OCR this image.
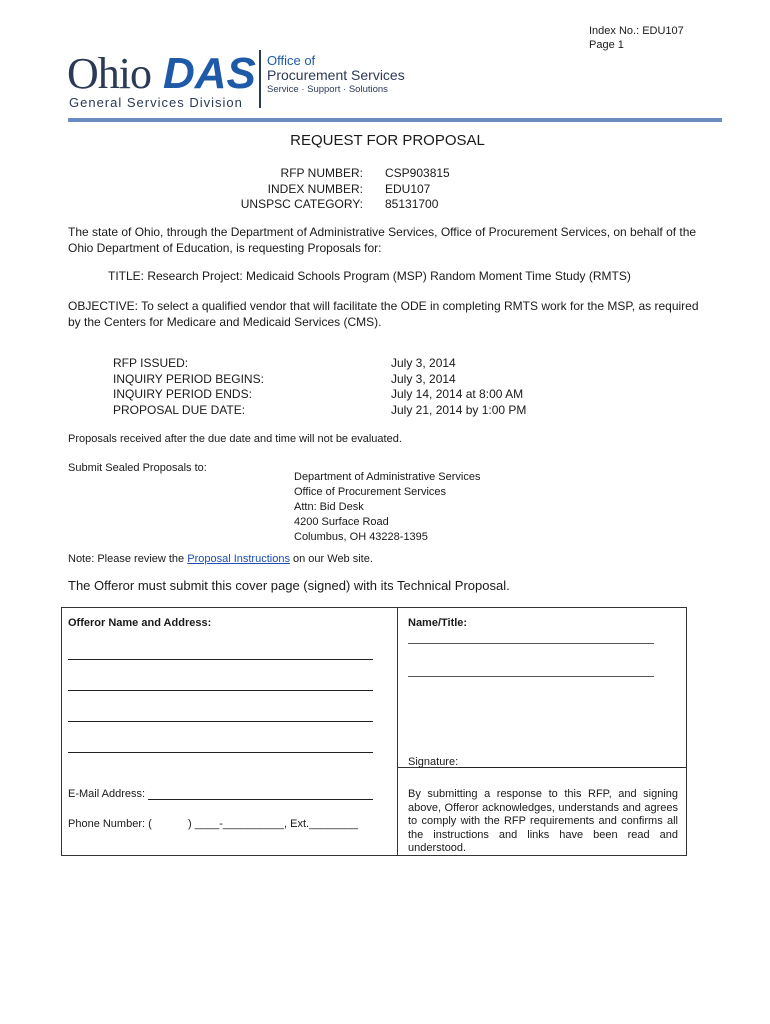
Index No.: EDU107
Page 1
Ohio DAS
General Services Division
Office of
Procurement Services
Service · Support · Solutions
REQUEST FOR PROPOSAL
RFP NUMBER:
INDEX NUMBER:
UNSPSC CATEGORY:
CSP903815
EDU107
85131700
The state of Ohio, through the Department of Administrative Services, Office of Procurement Services, on behalf of the Ohio Department of Education, is requesting Proposals for:
TITLE: Research Project: Medicaid Schools Program (MSP) Random Moment Time Study (RMTS)
OBJECTIVE: To select a qualified vendor that will facilitate the ODE in completing RMTS work for the MSP, as required by the Centers for Medicare and Medicaid Services (CMS).
RFP ISSUED:
INQUIRY PERIOD BEGINS:
INQUIRY PERIOD ENDS:
PROPOSAL DUE DATE:
July 3, 2014
July 3, 2014
July 14, 2014 at 8:00 AM
July 21, 2014 by 1:00 PM
Proposals received after the due date and time will not be evaluated.
Submit Sealed Proposals to:
Department of Administrative Services
Office of Procurement Services
Attn: Bid Desk
4200 Surface Road
Columbus, OH 43228-1395
Note: Please review the Proposal Instructions on our Web site.
The Offeror must submit this cover page (signed) with its Technical Proposal.
Offeror Name and Address:	Name/Title:
Signature:
E-Mail Address:
Phone Number: (	) ____-__________, Ext.________
By submitting a response to this RFP, and signing above, Offeror acknowledges, understands and agrees to comply with the RFP requirements and confirms all the instructions and links have been read and understood.
